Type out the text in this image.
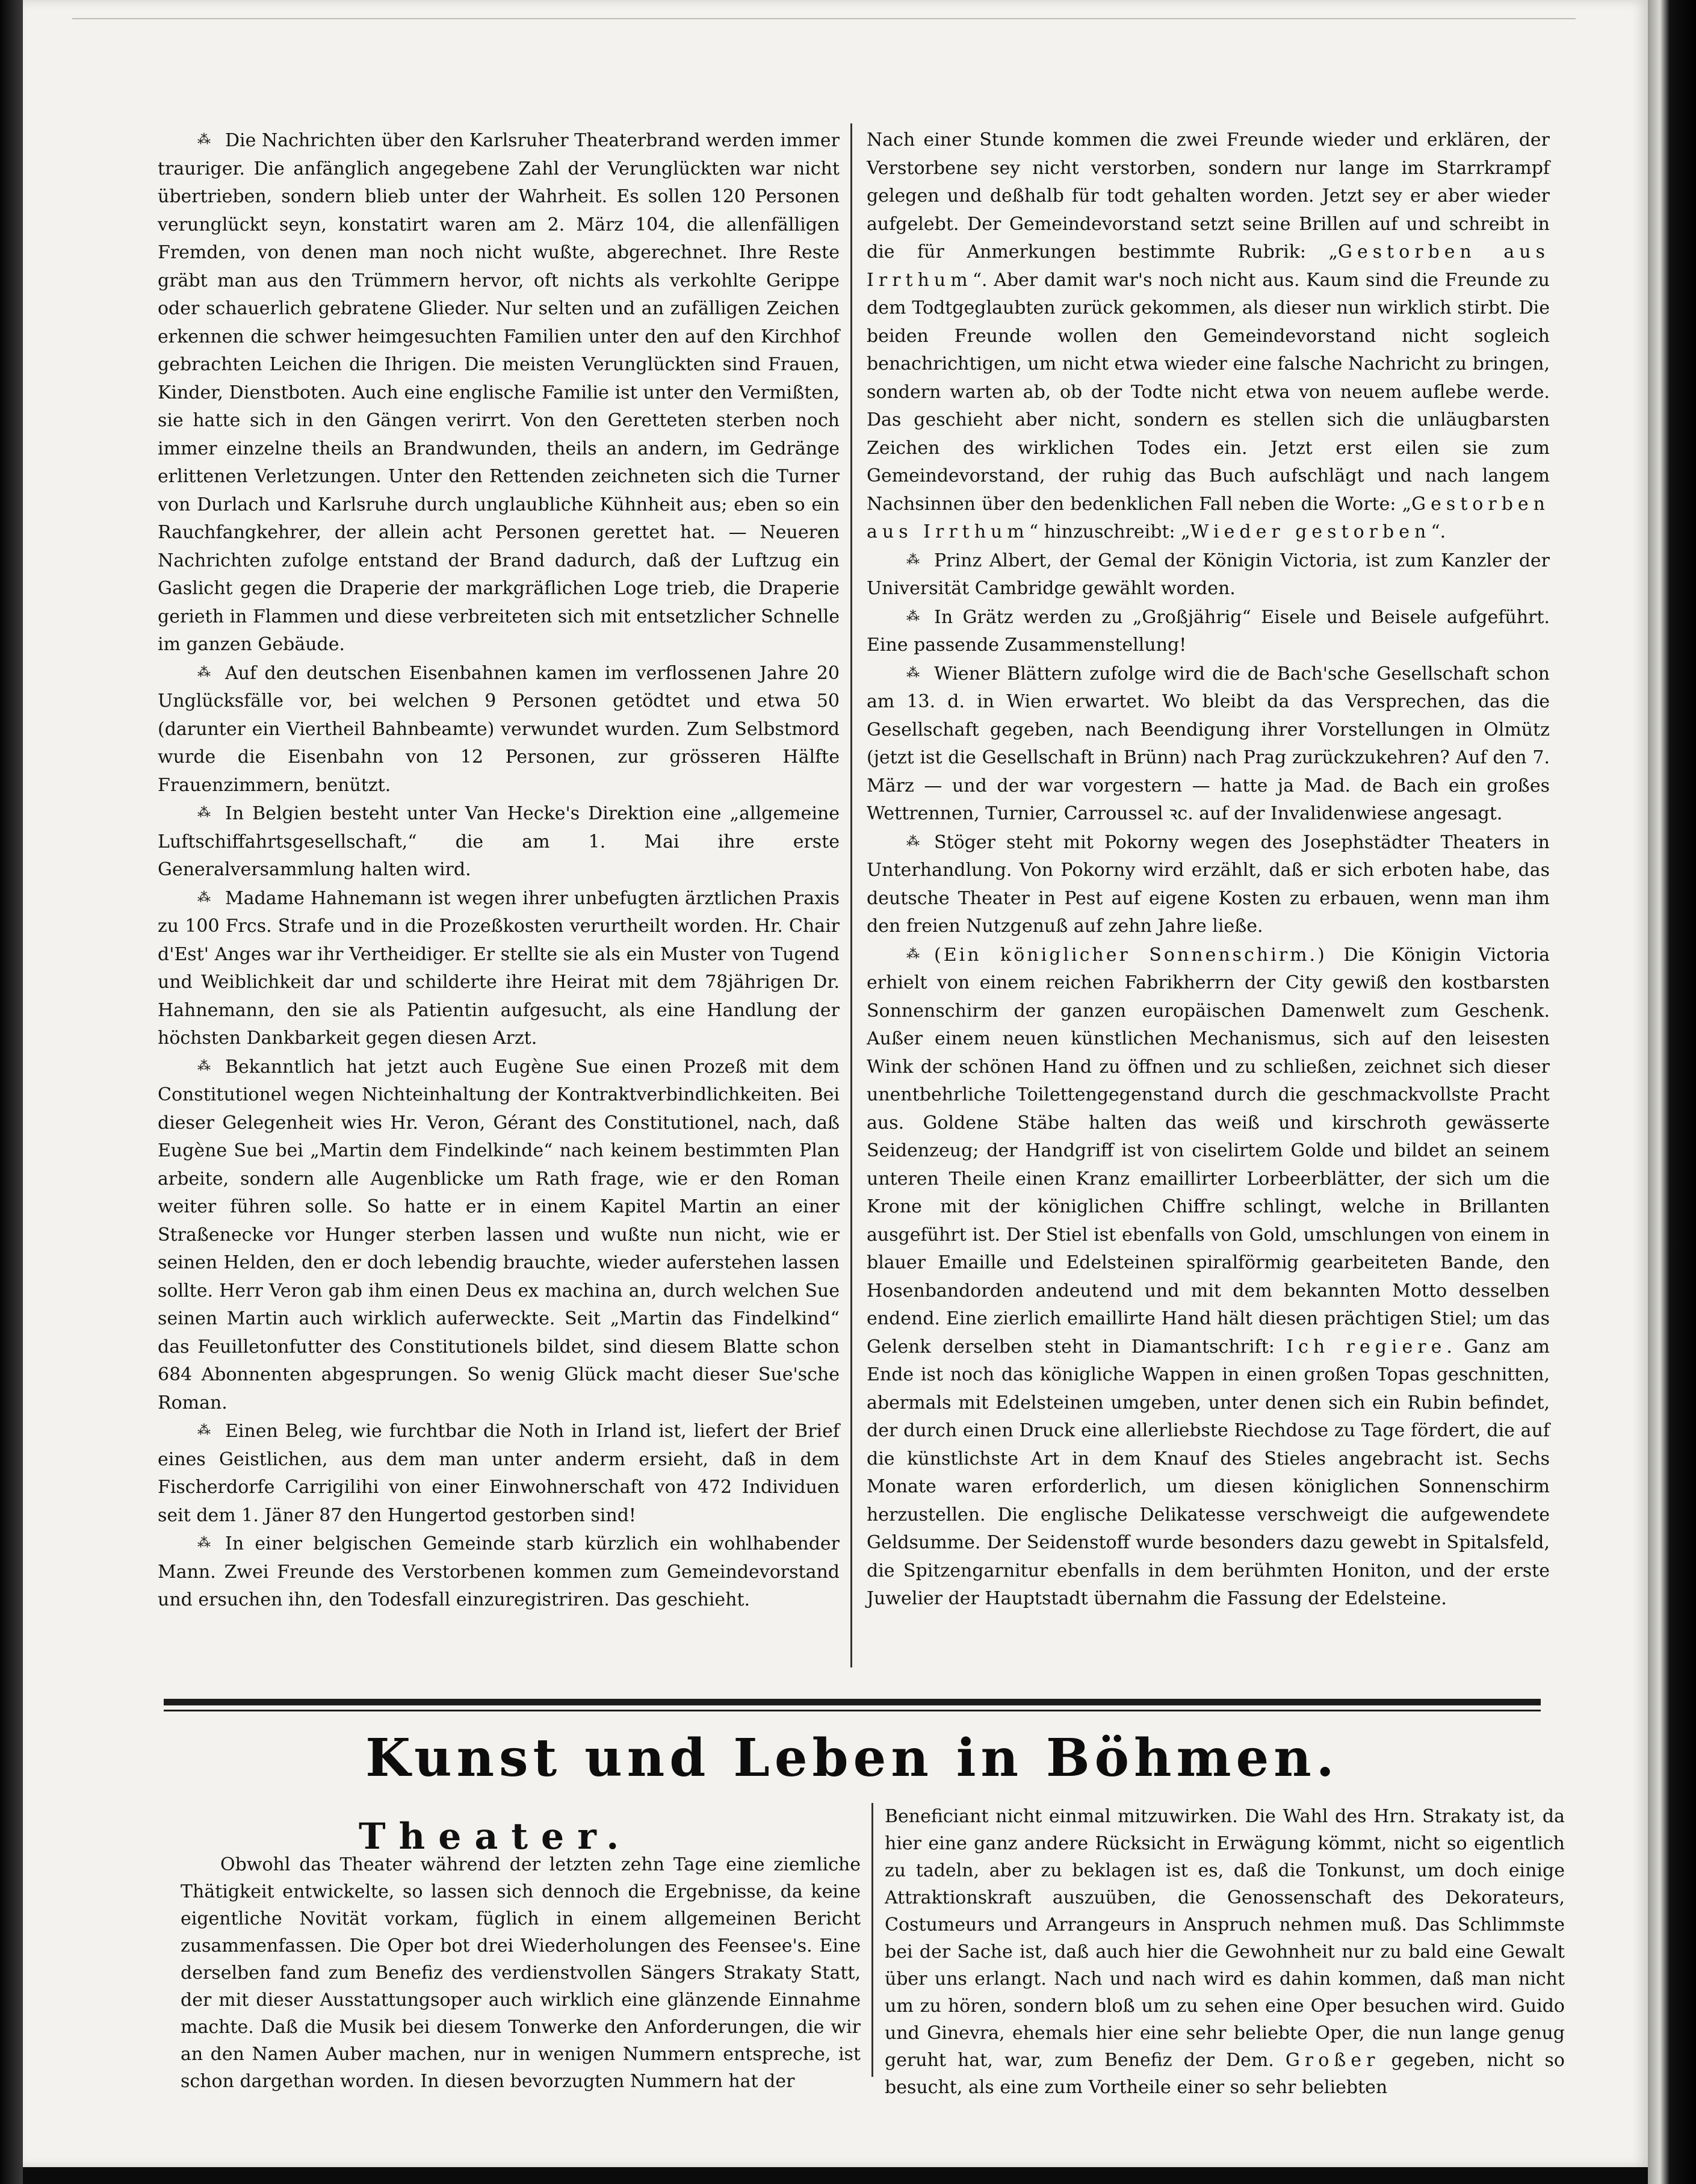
⁂ Die Nachrichten über den Karlsruher Theaterbrand werden immer trauriger. Die anfänglich angegebene Zahl der Verunglückten war nicht übertrieben, sondern blieb unter der Wahrheit. Es sollen 120 Personen verunglückt seyn, konstatirt waren am 2. März 104, die allenfälligen Fremden, von denen man noch nicht wußte, abgerechnet. Ihre Reste gräbt man aus den Trümmern hervor, oft nichts als verkohlte Gerippe oder schauerlich gebratene Glieder. Nur selten und an zufälligen Zeichen erkennen die schwer heimgesuchten Familien unter den auf den Kirchhof gebrachten Leichen die Ihrigen. Die meisten Verunglückten sind Frauen, Kinder, Dienstboten. Auch eine englische Familie ist unter den Vermißten, sie hatte sich in den Gängen verirrt. Von den Geretteten sterben noch immer einzelne theils an Brandwunden, theils an andern, im Gedränge erlittenen Verletzungen. Unter den Rettenden zeichneten sich die Turner von Durlach und Karlsruhe durch unglaubliche Kühnheit aus; eben so ein Rauchfangkehrer, der allein acht Personen gerettet hat. — Neueren Nachrichten zufolge entstand der Brand dadurch, daß der Luftzug ein Gaslicht gegen die Draperie der markgräflichen Loge trieb, die Draperie gerieth in Flammen und diese verbreiteten sich mit entsetzlicher Schnelle im ganzen Gebäude.

⁂ Auf den deutschen Eisenbahnen kamen im verflossenen Jahre 20 Unglücksfälle vor, bei welchen 9 Personen getödtet und etwa 50 (darunter ein Viertheil Bahnbeamte) verwundet wurden. Zum Selbstmord wurde die Eisenbahn von 12 Personen, zur grösseren Hälfte Frauenzimmern, benützt.

⁂ In Belgien besteht unter Van Hecke's Direktion eine „allgemeine Luftschiffahrtsgesellschaft,“ die am 1. Mai ihre erste Generalversammlung halten wird.

⁂ Madame Hahnemann ist wegen ihrer unbefugten ärztlichen Praxis zu 100 Frcs. Strafe und in die Prozeßkosten verurtheilt worden. Hr. Chair d'Est' Anges war ihr Vertheidiger. Er stellte sie als ein Muster von Tugend und Weiblichkeit dar und schilderte ihre Heirat mit dem 78jährigen Dr. Hahnemann, den sie als Patientin aufgesucht, als eine Handlung der höchsten Dankbarkeit gegen diesen Arzt.

⁂ Bekanntlich hat jetzt auch Eugène Sue einen Prozeß mit dem Constitutionel wegen Nichteinhaltung der Kontraktverbindlichkeiten. Bei dieser Gelegenheit wies Hr. Veron, Gérant des Constitutionel, nach, daß Eugène Sue bei „Martin dem Findelkinde“ nach keinem bestimmten Plan arbeite, sondern alle Augenblicke um Rath frage, wie er den Roman weiter führen solle. So hatte er in einem Kapitel Martin an einer Straßenecke vor Hunger sterben lassen und wußte nun nicht, wie er seinen Helden, den er doch lebendig brauchte, wieder auferstehen lassen sollte. Herr Veron gab ihm einen Deus ex machina an, durch welchen Sue seinen Martin auch wirklich auferweckte. Seit „Martin das Findelkind“ das Feuilletonfutter des Constitutionels bildet, sind diesem Blatte schon 684 Abonnenten abgesprungen. So wenig Glück macht dieser Sue'sche Roman.

⁂ Einen Beleg, wie furchtbar die Noth in Irland ist, liefert der Brief eines Geistlichen, aus dem man unter anderm ersieht, daß in dem Fischerdorfe Carrigilihi von einer Einwohnerschaft von 472 Individuen seit dem 1. Jäner 87 den Hungertod gestorben sind!

⁂ In einer belgischen Gemeinde starb kürzlich ein wohlhabender Mann. Zwei Freunde des Verstorbenen kommen zum Gemeindevorstand und ersuchen ihn, den Todesfall einzuregistriren. Das geschieht.

Nach einer Stunde kommen die zwei Freunde wieder und erklären, der Verstorbene sey nicht verstorben, sondern nur lange im Starrkrampf gelegen und deßhalb für todt gehalten worden. Jetzt sey er aber wieder aufgelebt. Der Gemeindevorstand setzt seine Brillen auf und schreibt in die für Anmerkungen bestimmte Rubrik: „Gestorben aus Irrthum“. Aber damit war's noch nicht aus. Kaum sind die Freunde zu dem Todtgeglaubten zurück gekommen, als dieser nun wirklich stirbt. Die beiden Freunde wollen den Gemeindevorstand nicht sogleich benachrichtigen, um nicht etwa wieder eine falsche Nachricht zu bringen, sondern warten ab, ob der Todte nicht etwa von neuem auflebe werde. Das geschieht aber nicht, sondern es stellen sich die unläugbarsten Zeichen des wirklichen Todes ein. Jetzt erst eilen sie zum Gemeindevorstand, der ruhig das Buch aufschlägt und nach langem Nachsinnen über den bedenklichen Fall neben die Worte: „Gestorben aus Irrthum“ hinzuschreibt: „Wieder gestorben“.

⁂ Prinz Albert, der Gemal der Königin Victoria, ist zum Kanzler der Universität Cambridge gewählt worden.

⁂ In Grätz werden zu „Großjährig“ Eisele und Beisele aufgeführt. Eine passende Zusammenstellung!

⁂ Wiener Blättern zufolge wird die de Bach'sche Gesellschaft schon am 13. d. in Wien erwartet. Wo bleibt da das Versprechen, das die Gesellschaft gegeben, nach Beendigung ihrer Vorstellungen in Olmütz (jetzt ist die Gesellschaft in Brünn) nach Prag zurückzukehren? Auf den 7. März — und der war vorgestern — hatte ja Mad. de Bach ein großes Wettrennen, Turnier, Carroussel ꝛc. auf der Invalidenwiese angesagt.

⁂ Stöger steht mit Pokorny wegen des Josephstädter Theaters in Unterhandlung. Von Pokorny wird erzählt, daß er sich erboten habe, das deutsche Theater in Pest auf eigene Kosten zu erbauen, wenn man ihm den freien Nutzgenuß auf zehn Jahre ließe.

⁂ (Ein königlicher Sonnenschirm.) Die Königin Victoria erhielt von einem reichen Fabrikherrn der City gewiß den kostbarsten Sonnenschirm der ganzen europäischen Damenwelt zum Geschenk. Außer einem neuen künstlichen Mechanismus, sich auf den leisesten Wink der schönen Hand zu öffnen und zu schließen, zeichnet sich dieser unentbehrliche Toilettengegenstand durch die geschmackvollste Pracht aus. Goldene Stäbe halten das weiß und kirschroth gewässerte Seidenzeug; der Handgriff ist von ciselirtem Golde und bildet an seinem unteren Theile einen Kranz emaillirter Lorbeerblätter, der sich um die Krone mit der königlichen Chiffre schlingt, welche in Brillanten ausgeführt ist. Der Stiel ist ebenfalls von Gold, umschlungen von einem in blauer Emaille und Edelsteinen spiralförmig gearbeiteten Bande, den Hosenbandorden andeutend und mit dem bekannten Motto desselben endend. Eine zierlich emaillirte Hand hält diesen prächtigen Stiel; um das Gelenk derselben steht in Diamantschrift: Ich regiere. Ganz am Ende ist noch das königliche Wappen in einen großen Topas geschnitten, abermals mit Edelsteinen umgeben, unter denen sich ein Rubin befindet, der durch einen Druck eine allerliebste Riechdose zu Tage fördert, die auf die künstlichste Art in dem Knauf des Stieles angebracht ist. Sechs Monate waren erforderlich, um diesen königlichen Sonnenschirm herzustellen. Die englische Delikatesse verschweigt die aufgewendete Geldsumme. Der Seidenstoff wurde besonders dazu gewebt in Spitalsfeld, die Spitzengarnitur ebenfalls in dem berühmten Honiton, und der erste Juwelier der Hauptstadt übernahm die Fassung der Edelsteine.

Kunst und Leben in Böhmen.
Theater.

Obwohl das Theater während der letzten zehn Tage eine ziemliche Thätigkeit entwickelte, so lassen sich dennoch die Ergebnisse, da keine eigentliche Novität vorkam, füglich in einem allgemeinen Bericht zusammenfassen. Die Oper bot drei Wiederholungen des Feensee's. Eine derselben fand zum Benefiz des verdienstvollen Sängers Strakaty Statt, der mit dieser Ausstattungsoper auch wirklich eine glänzende Einnahme machte. Daß die Musik bei diesem Tonwerke den Anforderungen, die wir an den Namen Auber machen, nur in wenigen Nummern entspreche, ist schon dargethan worden. In diesen bevorzugten Nummern hat der

Beneficiant nicht einmal mitzuwirken. Die Wahl des Hrn. Strakaty ist, da hier eine ganz andere Rücksicht in Erwägung kömmt, nicht so eigentlich zu tadeln, aber zu beklagen ist es, daß die Tonkunst, um doch einige Attraktionskraft auszuüben, die Genossenschaft des Dekorateurs, Costumeurs und Arrangeurs in Anspruch nehmen muß. Das Schlimmste bei der Sache ist, daß auch hier die Gewohnheit nur zu bald eine Gewalt über uns erlangt. Nach und nach wird es dahin kommen, daß man nicht um zu hören, sondern bloß um zu sehen eine Oper besuchen wird. Guido und Ginevra, ehemals hier eine sehr beliebte Oper, die nun lange genug geruht hat, war, zum Benefiz der Dem. Großer gegeben, nicht so besucht, als eine zum Vortheile einer so sehr beliebten
